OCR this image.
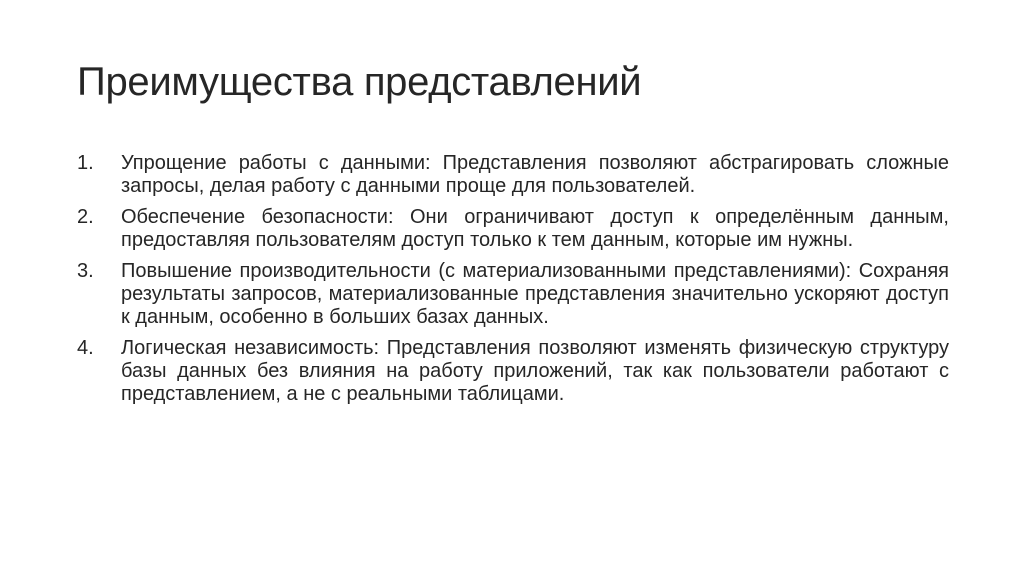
Преимущества представлений
1.	Упрощение работы с данными: Представления позволяют абстрагировать сложные запросы, делая работу с данными проще для пользователей.
2.	Обеспечение безопасности: Они ограничивают доступ к определённым данным, предоставляя пользователям доступ только к тем данным, которые им нужны.
3.	Повышение производительности (с материализованными представлениями): Сохраняя результаты запросов, материализованные представления значительно ускоряют доступ к данным, особенно в больших базах данных.
4.	Логическая независимость: Представления позволяют изменять физическую структуру базы данных без влияния на работу приложений, так как пользователи работают с представлением, а не с реальными таблицами.
